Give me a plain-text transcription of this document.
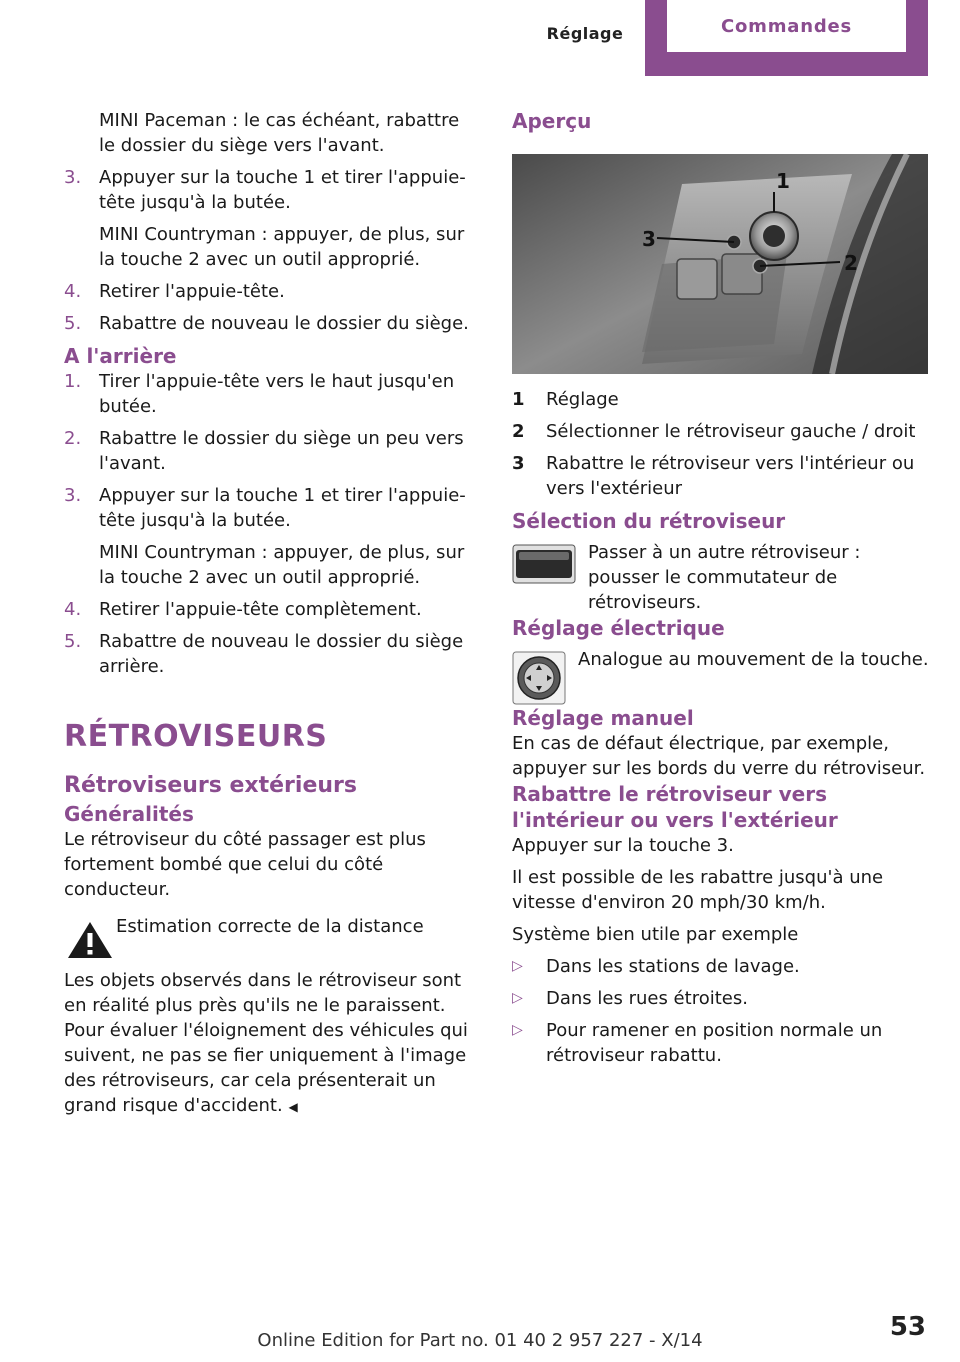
Réglage	Commandes

MINI Paceman : le cas échéant, rabattre le dossier du siège vers l'avant.

3. Appuyer sur la touche 1 et tirer l'appuie-tête jusqu'à la butée.

MINI Countryman : appuyer, de plus, sur la touche 2 avec un outil approprié.

4. Retirer l'appuie-tête.

5. Rabattre de nouveau le dossier du siège.

A l'arrière
1. Tirer l'appuie-tête vers le haut jusqu'en butée.

2. Rabattre le dossier du siège un peu vers l'avant.

3. Appuyer sur la touche 1 et tirer l'appuie-tête jusqu'à la butée.

MINI Countryman : appuyer, de plus, sur la touche 2 avec un outil approprié.

4. Retirer l'appuie-tête complètement.

5. Rabattre de nouveau le dossier du siège arrière.

RÉTROVISEURS
Rétroviseurs extérieurs
Généralités

Le rétroviseur du côté passager est plus fortement bombé que celui du côté conducteur.

Estimation correcte de la distance

Les objets observés dans le rétroviseur sont en réalité plus près qu'ils ne le paraissent. Pour évaluer l'éloignement des véhicules qui suivent, ne pas se fier uniquement à l'image des rétroviseurs, car cela présenterait un grand risque d'accident. ◀

Aperçu
1
3
2
1	Réglage
2	Sélectionner le rétroviseur gauche / droit
3	Rabattre le rétroviseur vers l'intérieur ou vers l'extérieur
Sélection du rétroviseur

Passer à un autre rétroviseur : pousser le commutateur de rétroviseurs.

Réglage électrique

Analogue au mouvement de la touche.

Réglage manuel

En cas de défaut électrique, par exemple, appuyer sur les bords du verre du rétroviseur.

Rabattre le rétroviseur vers l'intérieur ou vers l'extérieur

Appuyer sur la touche 3.

Il est possible de les rabattre jusqu'à une vitesse d'environ 20 mph/30 km/h.

Système bien utile par exemple

▷	Dans les stations de lavage.
▷	Dans les rues étroites.
▷	Pour ramener en position normale un rétroviseur rabattu.
53
Online Edition for Part no. 01 40 2 957 227 - X/14
